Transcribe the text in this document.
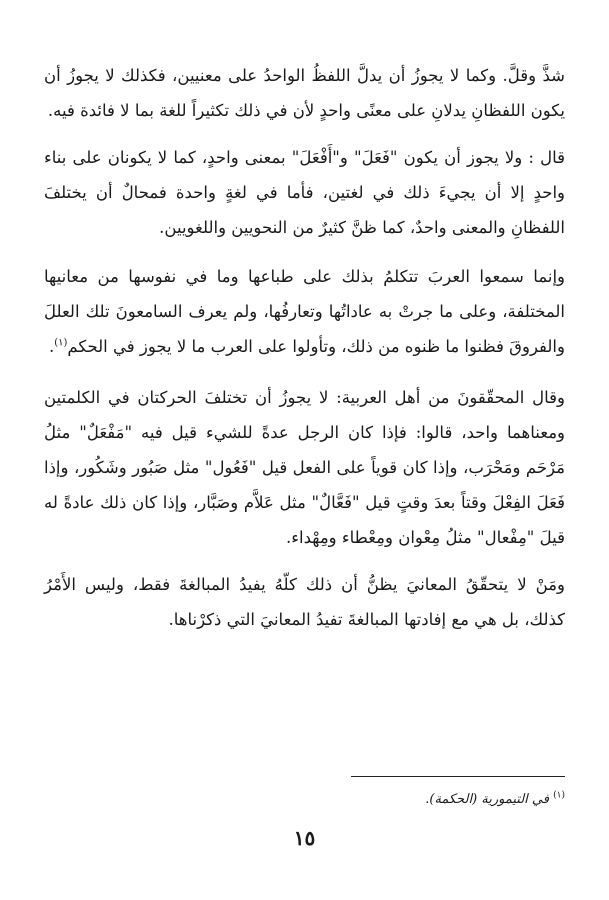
شذَّ وقلَّ. وكما لا يجوزُ أن يدلَّ اللفظُ الواحدُ على معنيين، فكذلك لا يجوزُ أن يكون اللفظانِ يدلانِ على معنًى واحدٍ لأن في ذلك تكثيراً للغة بما لا فائدة فيه.

قال : ولا يجوز أن يكون "فَعَلَ" و"أَفْعَلَ" بمعنى واحدٍ، كما لا يكونان على بناء واحدٍ إلا أن يجيءَ ذلك في لغتين، فأما في لغةٍ واحدة فمحالٌ أن يختلفَ اللفظانِ والمعنى واحدٌ، كما ظنَّ كثيرٌ من النحويين واللغويين.

وإنما سمعوا العربَ تتكلمُ بذلك على طباعها وما في نفوسها من معانيها المختلفة، وعلى ما جرتْ به عاداتُها وتعارفُها، ولم يعرف السامعونَ تلك العللَ والفروقَ فظنوا ما ظنوه من ذلك، وتأولوا على العرب ما لا يجوز في الحكم$^{(١)}$.

وقال المحقّقونَ من أهل العربية: لا يجوزُ أن تختلفَ الحركتان في الكلمتين ومعناهما واحد، قالوا: فإذا كان الرجل عدةً للشيء قيل فيه "مَفْعَلٌ" مثلُ مَرْحَم ومَحْرَب، وإذا كان قوياً على الفعل قيل "فَعُول" مثل صَبُور وشَكُور، وإذا فَعَلَ الفِعْلَ وقتاً بعدَ وقتٍ قيل "فَعَّالٌ" مثل عَلاَّم وصَبَّار، وإذا كان ذلك عادةً له قيلَ "مِفْعال" مثلُ مِعْوان ومِعْطاء ومِهْداء.

ومَنْ لا يتحقّقُ المعانيَ يظنُّ أن ذلك كلّهُ يفيدُ المبالغةَ فقط، وليس الأَمْرُ كذلك، بل هي مع إفادتها المبالغةَ تفيدُ المعانيَ التي ذكرْناها.

$^{(١)}$ في التيمورية (الحكمة).
١٥
